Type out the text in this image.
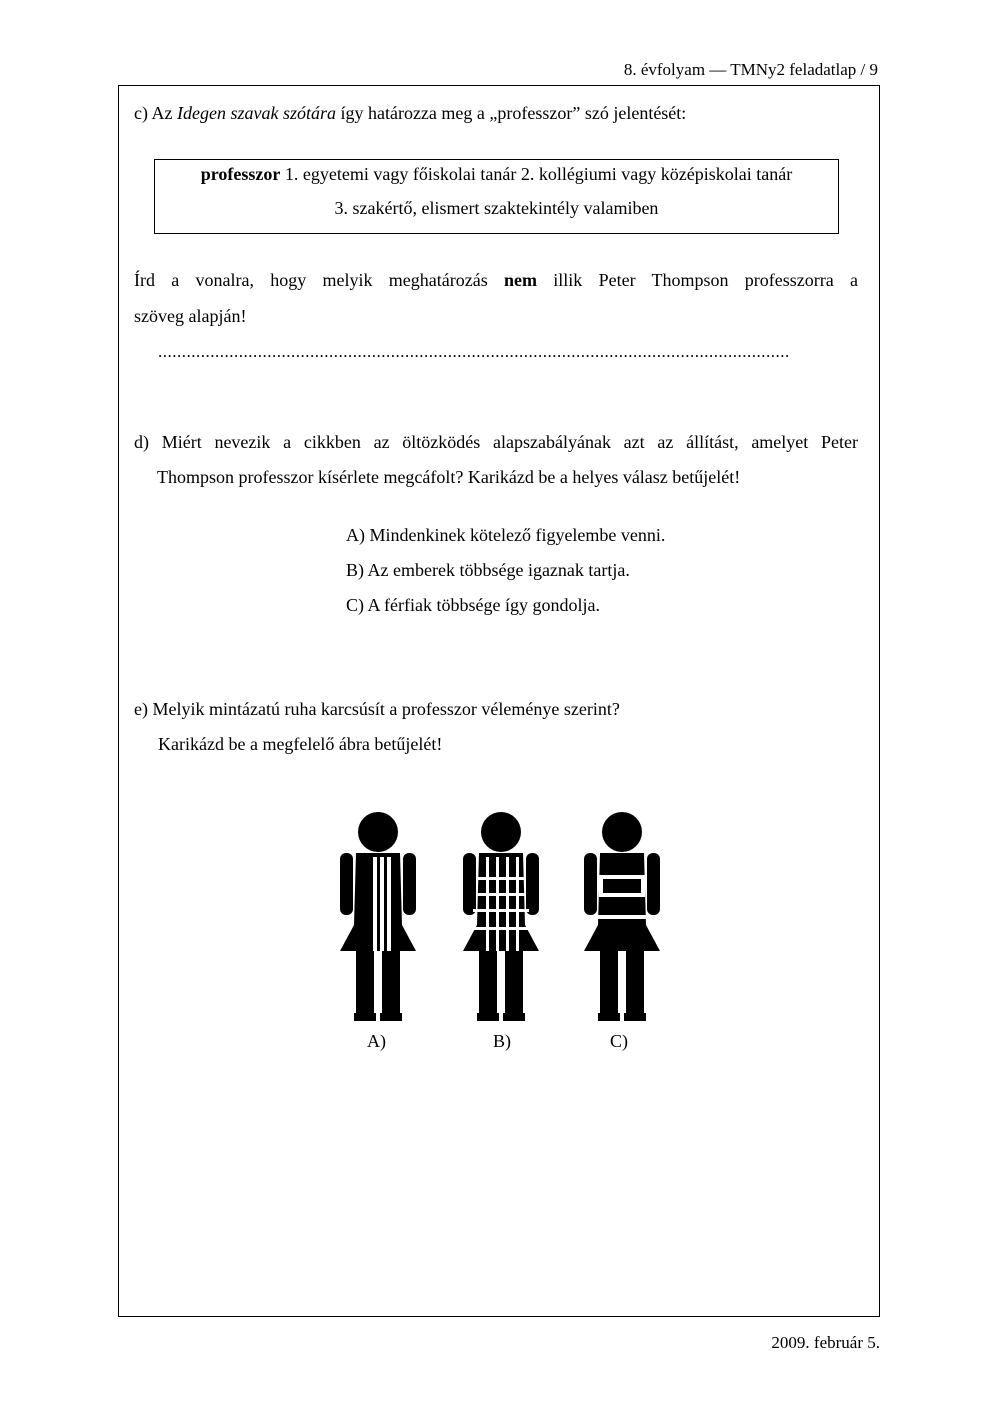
8. évfolyam — TMNy2 feladatlap / 9
c) Az Idegen szavak szótára így határozza meg a „professzor” szó jelentését:
professzor 1. egyetemi vagy főiskolai tanár 2. kollégiumi vagy középiskolai tanár
3. szakértő, elismert szaktekintély valamiben
Írd a vonalra, hogy melyik meghatározás nem illik Peter Thompson professzorra a
szöveg alapján!
.....................................................................................................................................
d) Miért nevezik a cikkben az öltözködés alapszabályának azt az állítást, amelyet Peter
Thompson professzor kísérlete megcáfolt? Karikázd be a helyes válasz betűjelét!
A) Mindenkinek kötelező figyelembe venni.
B) Az emberek többsége igaznak tartja.
C) A férfiak többsége így gondolja.
e) Melyik mintázatú ruha karcsúsít a professzor véleménye szerint?
Karikázd be a megfelelő ábra betűjelét!
A)	B)	C)
2009. február 5.
